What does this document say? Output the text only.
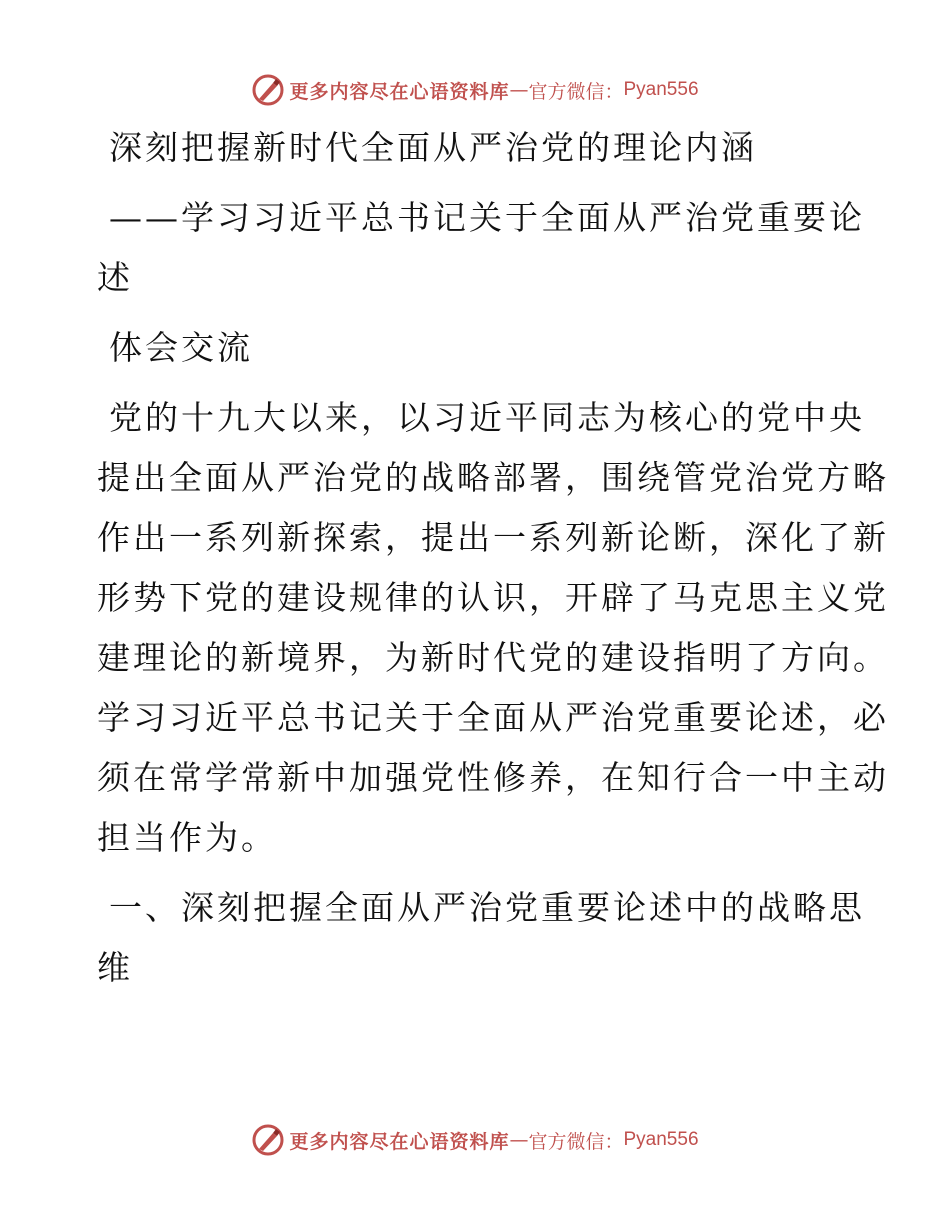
更多内容尽在心语资料库 — 官方微信： Pyan556

深刻把握新时代全面从严治党的理论内涵

——学习习近平总书记关于全面从严治党重要论

述

体会交流

党的十九大以来，以习近平同志为核心的党中央

提出全面从严治党的战略部署，围绕管党治党方略

作出一系列新探索，提出一系列新论断，深化了新

形势下党的建设规律的认识，开辟了马克思主义党

建理论的新境界，为新时代党的建设指明了方向。

学习习近平总书记关于全面从严治党重要论述，必

须在常学常新中加强党性修养，在知行合一中主动

担当作为。

一、深刻把握全面从严治党重要论述中的战略思

维

更多内容尽在心语资料库 — 官方微信： Pyan556
